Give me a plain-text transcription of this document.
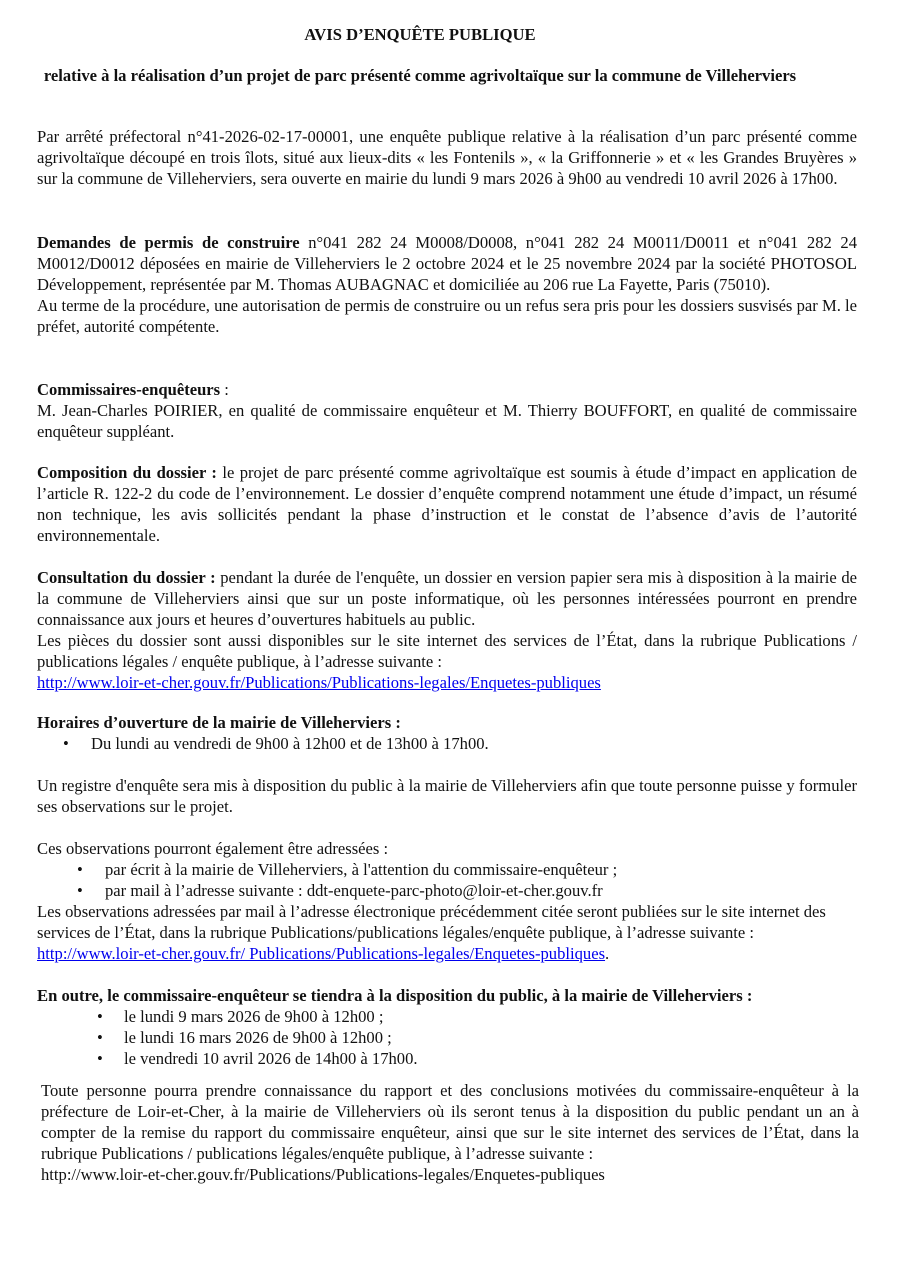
AVIS D’ENQUÊTE PUBLIQUE
relative à la réalisation d’un projet de parc présenté comme agrivoltaïque sur la commune de Villeherviers

Par arrêté préfectoral n°41-2026-02-17-00001, une enquête publique relative à la réalisation d’un parc présenté comme agrivoltaïque découpé en trois îlots, situé aux lieux-dits « les Fontenils », « la Griffonnerie » et « les Grandes Bruyères » sur la commune de Villeherviers, sera ouverte en mairie du lundi 9 mars 2026 à 9h00 au vendredi 10 avril 2026 à 17h00.

Demandes de permis de construire n°041 282 24 M0008/D0008, n°041 282 24 M0011/D0011 et n°041 282 24 M0012/D0012 déposées en mairie de Villeherviers le 2 octobre 2024 et le 25 novembre 2024 par la société PHOTOSOL Développement, représentée par M. Thomas AUBAGNAC et domiciliée au 206 rue La Fayette, Paris (75010).

Au terme de la procédure, une autorisation de permis de construire ou un refus sera pris pour les dossiers susvisés par M. le préfet, autorité compétente.

Commissaires-enquêteurs :

M. Jean-Charles POIRIER, en qualité de commissaire enquêteur et M. Thierry BOUFFORT, en qualité de commissaire enquêteur suppléant.

Composition du dossier : le projet de parc présenté comme agrivoltaïque est soumis à étude d’impact en application de l’article R. 122-2 du code de l’environnement. Le dossier d’enquête comprend notamment une étude d’impact, un résumé non technique, les avis sollicités pendant la phase d’instruction et le constat de l’absence d’avis de l’autorité environnementale.

Consultation du dossier : pendant la durée de l'enquête, un dossier en version papier sera mis à disposition à la mairie de la commune de Villeherviers ainsi que sur un poste informatique, où les personnes intéressées pourront en prendre connaissance aux jours et heures d’ouvertures habituels au public.

Les pièces du dossier sont aussi disponibles sur le site internet des services de l’État, dans la rubrique Publications / publications légales / enquête publique, à l’adresse suivante :

http://www.loir-et-cher.gouv.fr/Publications/Publications-legales/Enquetes-publiques

Horaires d’ouverture de la mairie de Villeherviers :

• Du lundi au vendredi de 9h00 à 12h00 et de 13h00 à 17h00.

Un registre d'enquête sera mis à disposition du public à la mairie de Villeherviers afin que toute personne puisse y formuler ses observations sur le projet.

Ces observations pourront également être adressées :

• par écrit à la mairie de Villeherviers, à l'attention du commissaire-enquêteur ;
• par mail à l’adresse suivante : ddt-enquete-parc-photo@loir-et-cher.gouv.fr

Les observations adressées par mail à l’adresse électronique précédemment citée seront publiées sur le site internet des services de l’État, dans la rubrique Publications/publications légales/enquête publique, à l’adresse suivante : http://www.loir-et-cher.gouv.fr/ Publications/Publications-legales/Enquetes-publiques.

En outre, le commissaire-enquêteur se tiendra à la disposition du public, à la mairie de Villeherviers :

• le lundi 9 mars 2026 de 9h00 à 12h00 ;
• le lundi 16 mars 2026 de 9h00 à 12h00 ;
• le vendredi 10 avril 2026 de 14h00 à 17h00.

Toute personne pourra prendre connaissance du rapport et des conclusions motivées du commissaire-enquêteur à la préfecture de Loir-et-Cher, à la mairie de Villeherviers où ils seront tenus à la disposition du public pendant un an à compter de la remise du rapport du commissaire enquêteur, ainsi que sur le site internet des services de l’État, dans la rubrique Publications / publications légales/enquête publique, à l’adresse suivante :

http://www.loir-et-cher.gouv.fr/Publications/Publications-legales/Enquetes-publiques
